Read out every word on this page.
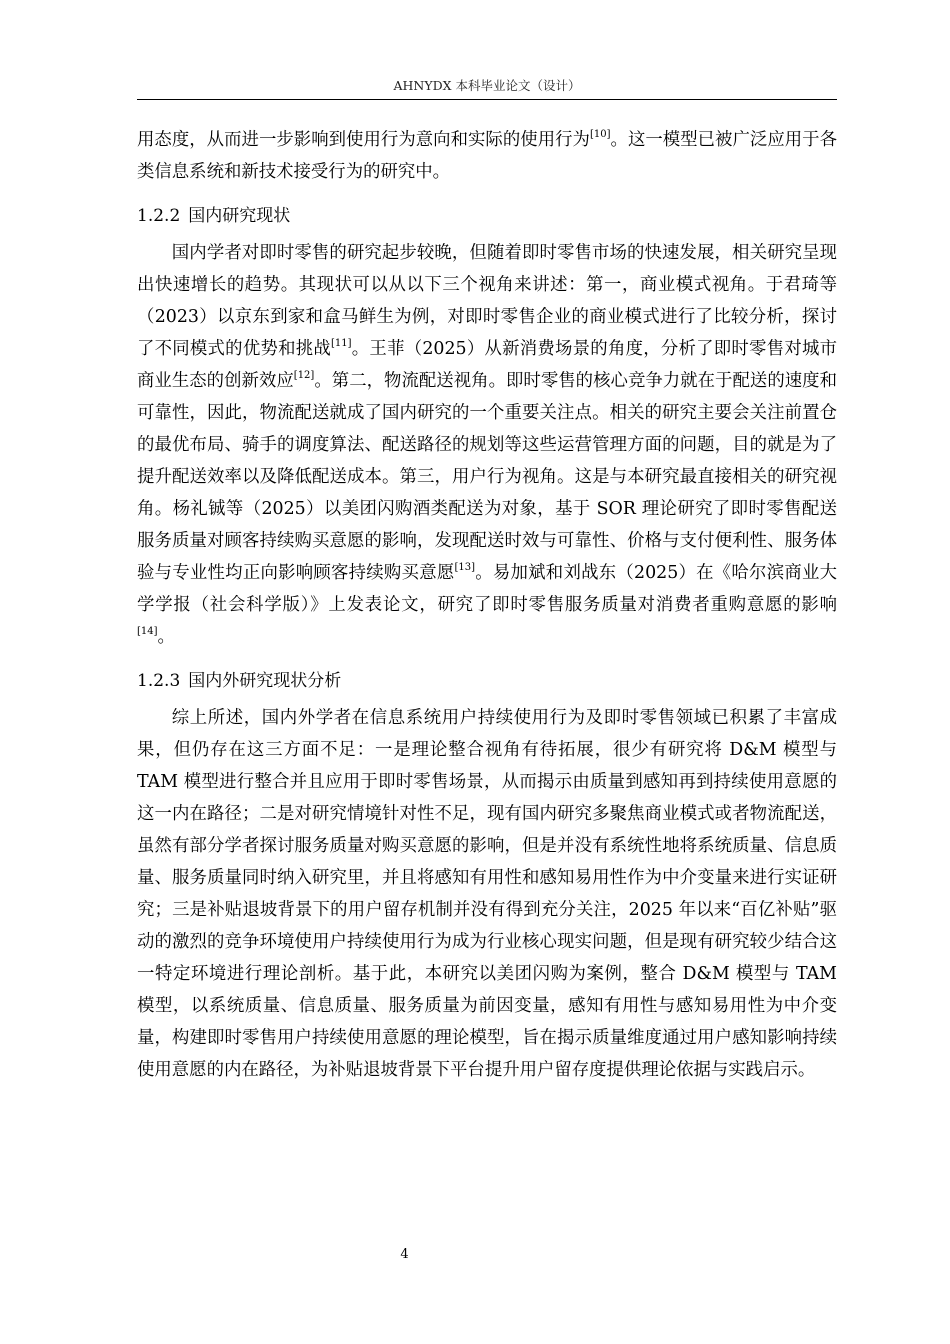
AHNYDX 本科毕业论文（设计）

用态度，从而进一步影响到使用行为意向和实际的使用行为[10]。这一模型已被广泛应用于各类信息系统和新技术接受行为的研究中。

1.2.2 国内研究现状

国内学者对即时零售的研究起步较晚，但随着即时零售市场的快速发展，相关研究呈现出快速增长的趋势。其现状可以从以下三个视角来讲述：第一，商业模式视角。于君琦等（2023）以京东到家和盒马鲜生为例，对即时零售企业的商业模式进行了比较分析，探讨了不同模式的优势和挑战[11]。王菲（2025）从新消费场景的角度，分析了即时零售对城市商业生态的创新效应[12]。第二，物流配送视角。即时零售的核心竞争力就在于配送的速度和可靠性，因此，物流配送就成了国内研究的一个重要关注点。相关的研究主要会关注前置仓的最优布局、骑手的调度算法、配送路径的规划等这些运营管理方面的问题，目的就是为了提升配送效率以及降低配送成本。第三，用户行为视角。这是与本研究最直接相关的研究视角。杨礼铖等（2025）以美团闪购酒类配送为对象，基于 SOR 理论研究了即时零售配送服务质量对顾客持续购买意愿的影响，发现配送时效与可靠性、价格与支付便利性、服务体验与专业性均正向影响顾客持续购买意愿[13]。易加斌和刘战东（2025）在《哈尔滨商业大学学报（社会科学版）》上发表论文，研究了即时零售服务质量对消费者重购意愿的影响[14]。

1.2.3 国内外研究现状分析

综上所述，国内外学者在信息系统用户持续使用行为及即时零售领域已积累了丰富成果，但仍存在这三方面不足：一是理论整合视角有待拓展，很少有研究将 D&M 模型与 TAM 模型进行整合并且应用于即时零售场景，从而揭示由质量到感知再到持续使用意愿的这一内在路径；二是对研究情境针对性不足，现有国内研究多聚焦商业模式或者物流配送，虽然有部分学者探讨服务质量对购买意愿的影响，但是并没有系统性地将系统质量、信息质量、服务质量同时纳入研究里，并且将感知有用性和感知易用性作为中介变量来进行实证研究；三是补贴退坡背景下的用户留存机制并没有得到充分关注，2025 年以来“百亿补贴”驱动的激烈的竞争环境使用户持续使用行为成为行业核心现实问题，但是现有研究较少结合这一特定环境进行理论剖析。基于此，本研究以美团闪购为案例，整合 D&M 模型与 TAM 模型，以系统质量、信息质量、服务质量为前因变量，感知有用性与感知易用性为中介变量，构建即时零售用户持续使用意愿的理论模型，旨在揭示质量维度通过用户感知影响持续使用意愿的内在路径，为补贴退坡背景下平台提升用户留存度提供理论依据与实践启示。

4
